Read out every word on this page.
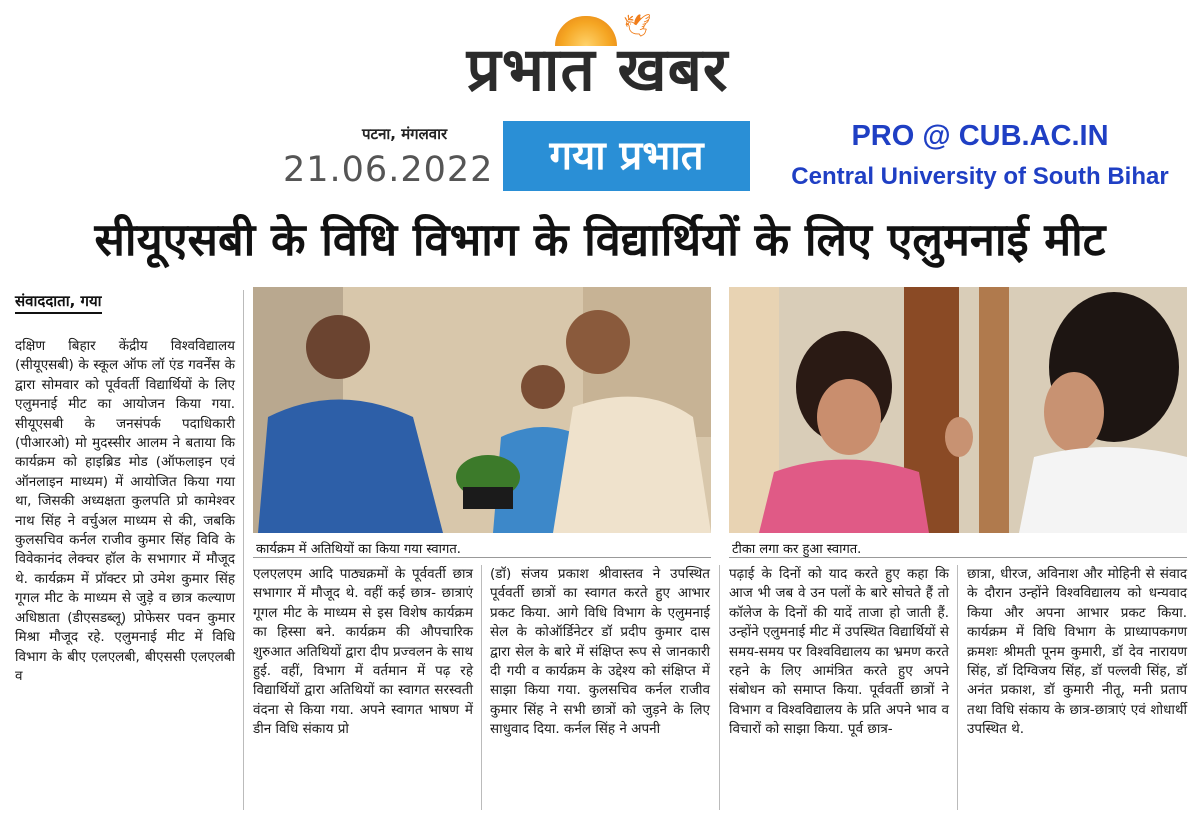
🕊
प्रभात खबर
पटना, मंगलवार
21.06.2022	गया प्रभात	PRO @ CUB.AC.IN
Central University of South Bihar
सीयूएसबी के विधि विभाग के विद्यार्थियों के लिए एलुमनाई मीट
संवाददाता, गया
कार्यक्रम में अतिथियों का किया गया स्वागत.	टीका लगा कर हुआ स्वागत.

दक्षिण बिहार केंद्रीय विश्वविद्यालय (सीयूएसबी) के स्कूल ऑफ लॉ एंड गवर्नेंस के द्वारा सोमवार को पूर्ववर्ती विद्यार्थियों के लिए एलुमनाई मीट का आयोजन किया गया. सीयूएसबी के जनसंपर्क पदाधिकारी (पीआरओ) मो मुदस्सीर आलम ने बताया कि कार्यक्रम को हाइब्रिड मोड (ऑफलाइन एवं ऑनलाइन माध्यम) में आयोजित किया गया था, जिसकी अध्यक्षता कुलपति प्रो कामेश्वर नाथ सिंह ने वर्चुअल माध्यम से की, जबकि कुलसचिव कर्नल राजीव कुमार सिंह विवि के विवेकानंद लेक्चर हॉल के सभागार में मौजूद थे. कार्यक्रम में प्रॉक्टर प्रो उमेश कुमार सिंह गूगल मीट के माध्यम से जुड़े व छात्र कल्याण अधिष्ठाता (डीएसडब्लू) प्रोफेसर पवन कुमार मिश्रा मौजूद रहे. एलुमनाई मीट में विधि विभाग के बीए एलएलबी, बीएससी एलएलबी व

एलएलएम आदि पाठ्यक्रमों के पूर्ववर्ती छात्र सभागार में मौजूद थे. वहीं कई छात्र- छात्राएं गूगल मीट के माध्यम से इस विशेष कार्यक्रम का हिस्सा बने. कार्यक्रम की औपचारिक शुरुआत अतिथियों द्वारा दीप प्रज्वलन के साथ हुई. वहीं, विभाग में वर्तमान में पढ़ रहे विद्यार्थियों द्वारा अतिथियों का स्वागत सरस्वती वंदना से किया गया. अपने स्वागत भाषण में डीन विधि संकाय प्रो

(डॉ) संजय प्रकाश श्रीवास्तव ने उपस्थित पूर्ववर्ती छात्रों का स्वागत करते हुए आभार प्रकट किया. आगे विधि विभाग के एलुमनाई सेल के कोऑर्डिनेटर डॉ प्रदीप कुमार दास द्वारा सेल के बारे में संक्षिप्त रूप से जानकारी दी गयी व कार्यक्रम के उद्देश्य को संक्षिप्त में साझा किया गया. कुलसचिव कर्नल राजीव कुमार सिंह ने सभी छात्रों को जुड़ने के लिए साधुवाद दिया. कर्नल सिंह ने अपनी

पढ़ाई के दिनों को याद करते हुए कहा कि आज भी जब वे उन पलों के बारे सोचते हैं तो कॉलेज के दिनों की यादें ताजा हो जाती हैं. उन्होंने एलुमनाई मीट में उपस्थित विद्यार्थियों से समय-समय पर विश्वविद्यालय का भ्रमण करते रहने के लिए आमंत्रित करते हुए अपने संबोधन को समाप्त किया. पूर्ववर्ती छात्रों ने विभाग व विश्वविद्यालय के प्रति अपने भाव व विचारों को साझा किया. पूर्व छात्र-

छात्रा, धीरज, अविनाश और मोहिनी से संवाद के दौरान उन्होंने विश्वविद्यालय को धन्यवाद किया और अपना आभार प्रकट किया. कार्यक्रम में विधि विभाग के प्राध्यापकगण क्रमशः श्रीमती पूनम कुमारी, डॉ देव नारायण सिंह, डॉ दिग्विजय सिंह, डॉ पल्लवी सिंह, डॉ अनंत प्रकाश, डॉ कुमारी नीतू, मनी प्रताप तथा विधि संकाय के छात्र-छात्राएं एवं शोधार्थी उपस्थित थे.
